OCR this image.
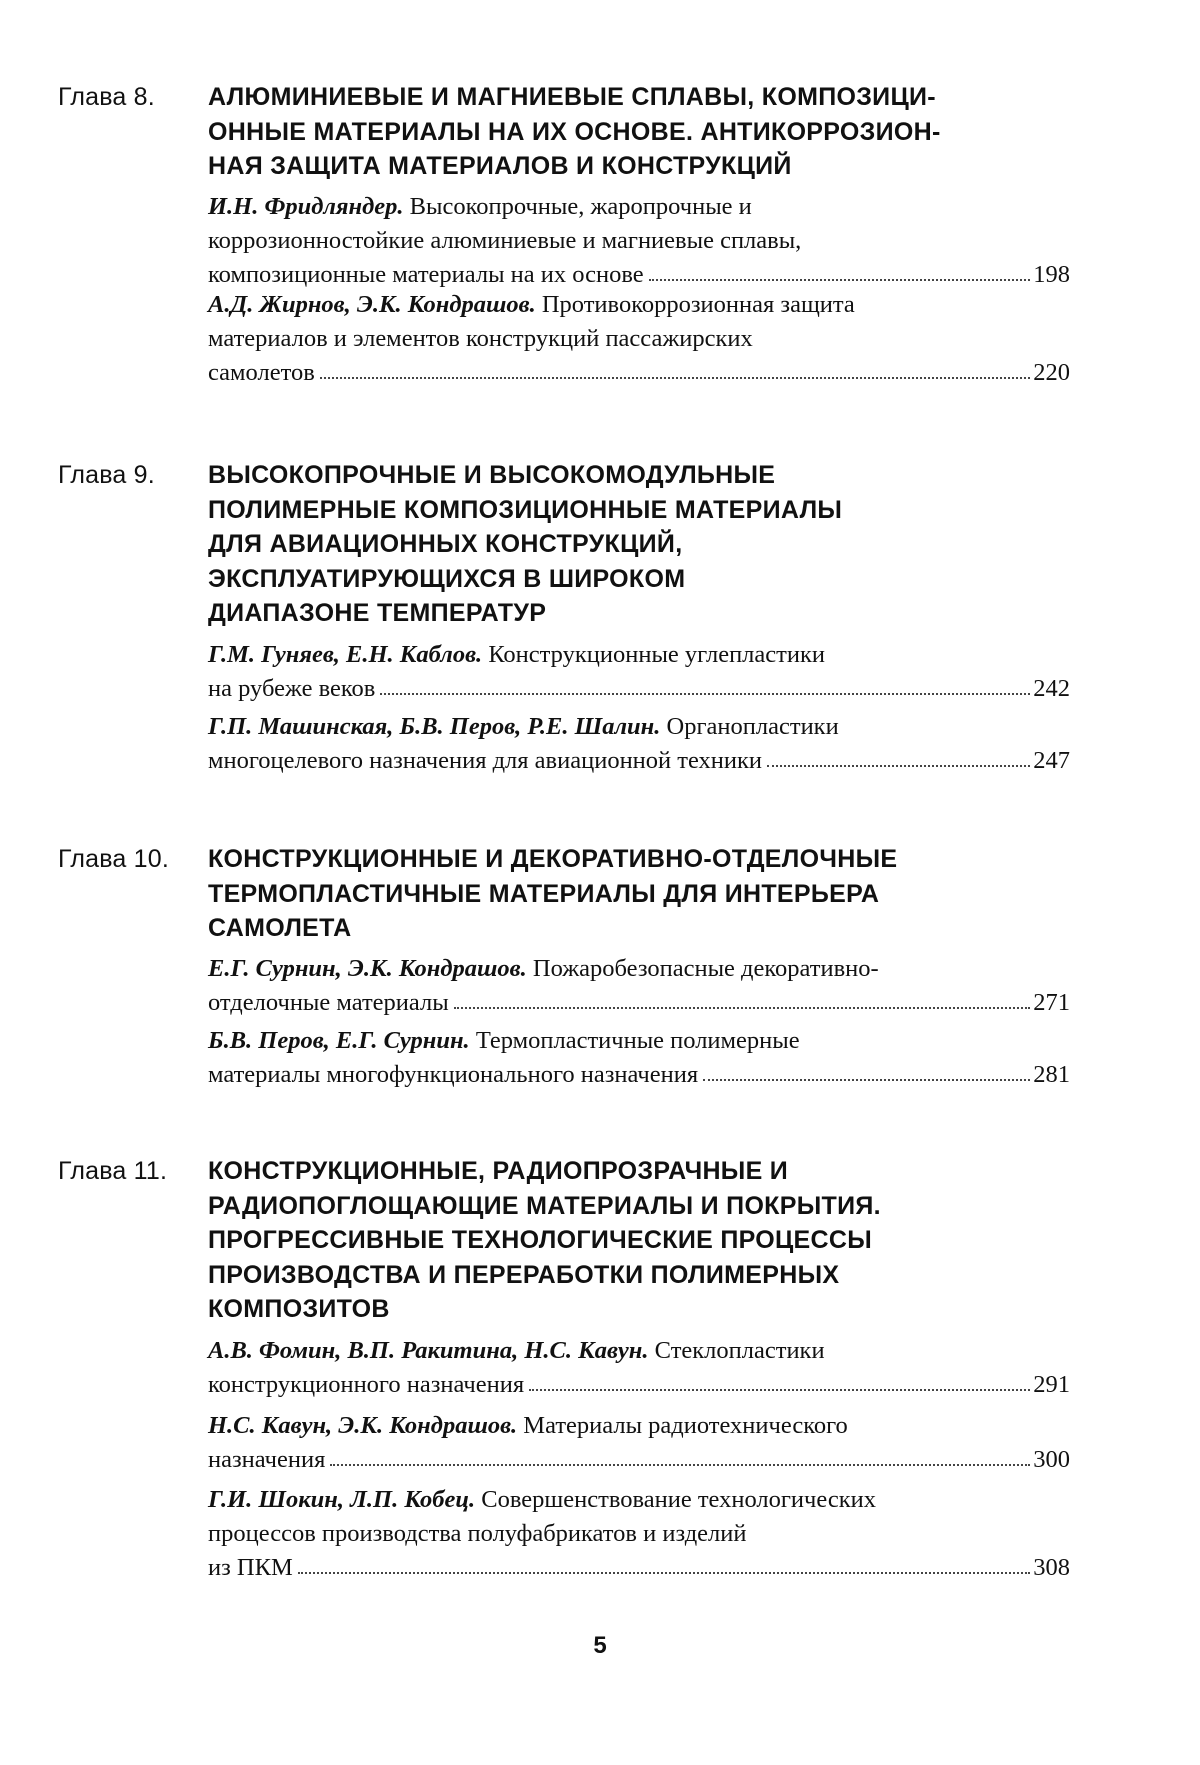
Глава 8. АЛЮМИНИЕВЫЕ И МАГНИЕВЫЕ СПЛАВЫ, КОМПОЗИЦИ-
ОННЫЕ МАТЕРИАЛЫ НА ИХ ОСНОВЕ. АНТИКОРРОЗИОН-
НАЯ ЗАЩИТА МАТЕРИАЛОВ И КОНСТРУКЦИЙ

И.Н. Фридляндер. Высокопрочные, жаропрочные и

коррозионностойкие алюминиевые и магниевые сплавы,

композиционные материалы на их основе	198

А.Д. Жирнов, Э.К. Кондрашов. Противокоррозионная защита

материалов и элементов конструкций пассажирских

самолетов	220

Глава 9. ВЫСОКОПРОЧНЫЕ И ВЫСОКОМОДУЛЬНЫЕ
ПОЛИМЕРНЫЕ КОМПОЗИЦИОННЫЕ МАТЕРИАЛЫ
ДЛЯ АВИАЦИОННЫХ КОНСТРУКЦИЙ,
ЭКСПЛУАТИРУЮЩИХСЯ В ШИРОКОМ
ДИАПАЗОНЕ ТЕМПЕРАТУР

Г.М. Гуняев, Е.Н. Каблов. Конструкционные углепластики

на рубеже веков	242

Г.П. Машинская, Б.В. Перов, Р.Е. Шалин. Органопластики

многоцелевого назначения для авиационной техники	247

Глава 10. КОНСТРУКЦИОННЫЕ И ДЕКОРАТИВНО-ОТДЕЛОЧНЫЕ
ТЕРМОПЛАСТИЧНЫЕ МАТЕРИАЛЫ ДЛЯ ИНТЕРЬЕРА
САМОЛЕТА

Е.Г. Сурнин, Э.К. Кондрашов. Пожаробезопасные декоративно-

отделочные материалы	271

Б.В. Перов, Е.Г. Сурнин. Термопластичные полимерные

материалы многофункционального назначения	281

Глава 11. КОНСТРУКЦИОННЫЕ, РАДИОПРОЗРАЧНЫЕ И
РАДИОПОГЛОЩАЮЩИЕ МАТЕРИАЛЫ И ПОКРЫТИЯ.
ПРОГРЕССИВНЫЕ ТЕХНОЛОГИЧЕСКИЕ ПРОЦЕССЫ
ПРОИЗВОДСТВА И ПЕРЕРАБОТКИ ПОЛИМЕРНЫХ
КОМПОЗИТОВ

А.В. Фомин, В.П. Ракитина, Н.С. Кавун. Стеклопластики

конструкционного назначения	291

Н.С. Кавун, Э.К. Кондрашов. Материалы радиотехнического

назначения	300

Г.И. Шокин, Л.П. Кобец. Совершенствование технологических

процессов производства полуфабрикатов и изделий

из ПКМ	308

5
